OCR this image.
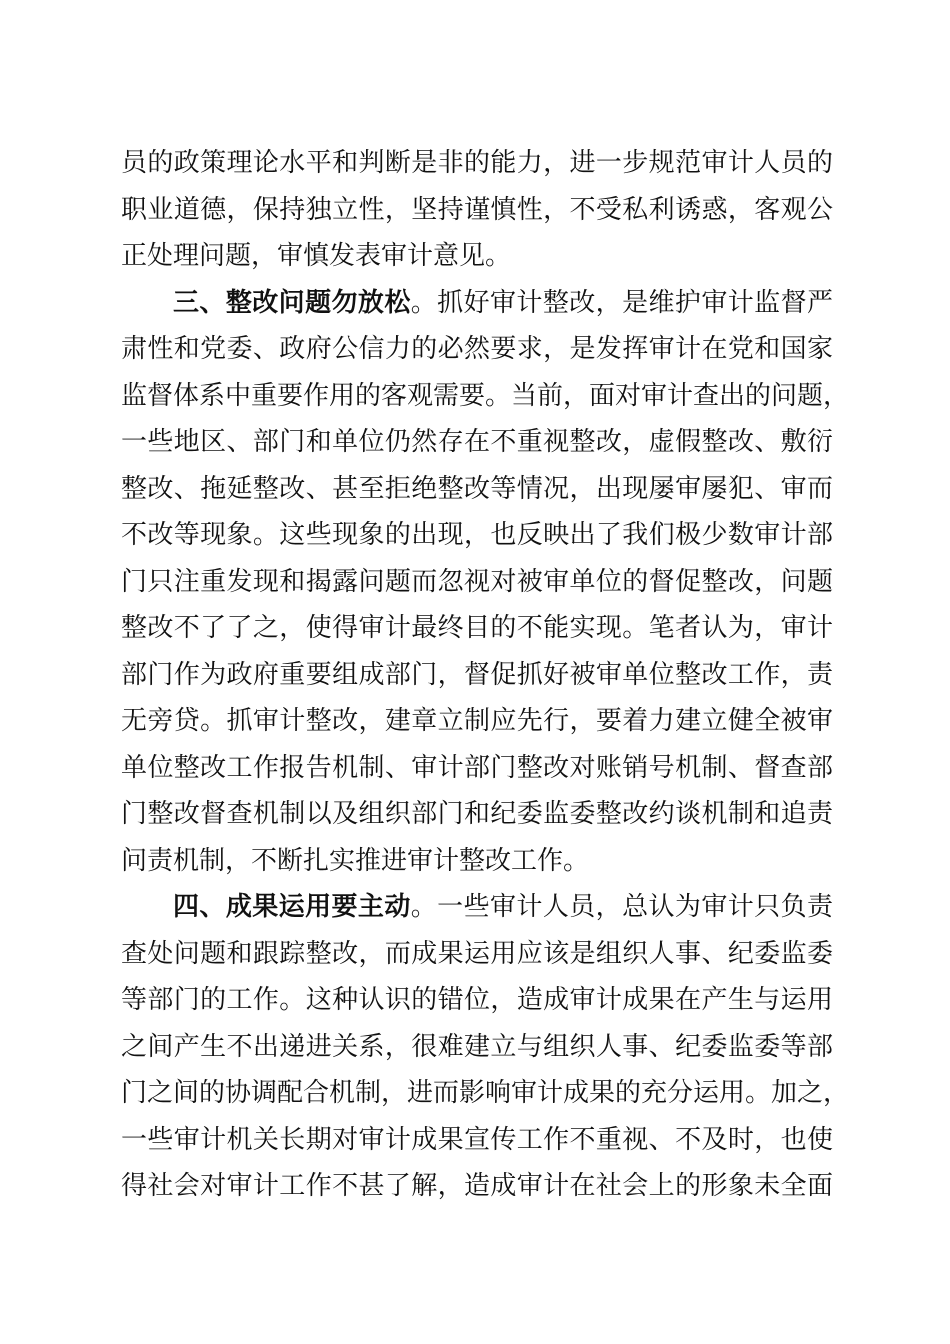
员的政策理论水平和判断是非的能力，进一步规范审计人员的
职业道德，保持独立性，坚持谨慎性，不受私利诱惑，客观公
正处理问题，审慎发表审计意见。
三、整改问题勿放松。抓好审计整改，是维护审计监督严
肃性和党委、政府公信力的必然要求，是发挥审计在党和国家
监督体系中重要作用的客观需要。当前，面对审计查出的问题，
一些地区、部门和单位仍然存在不重视整改，虚假整改、敷衍
整改、拖延整改、甚至拒绝整改等情况，出现屡审屡犯、审而
不改等现象。这些现象的出现，也反映出了我们极少数审计部
门只注重发现和揭露问题而忽视对被审单位的督促整改，问题
整改不了了之，使得审计最终目的不能实现。笔者认为，审计
部门作为政府重要组成部门，督促抓好被审单位整改工作，责
无旁贷。抓审计整改，建章立制应先行，要着力建立健全被审
单位整改工作报告机制、审计部门整改对账销号机制、督查部
门整改督查机制以及组织部门和纪委监委整改约谈机制和追责
问责机制，不断扎实推进审计整改工作。
四、成果运用要主动。一些审计人员，总认为审计只负责
查处问题和跟踪整改，而成果运用应该是组织人事、纪委监委
等部门的工作。这种认识的错位，造成审计成果在产生与运用
之间产生不出递进关系，很难建立与组织人事、纪委监委等部
门之间的协调配合机制，进而影响审计成果的充分运用。加之，
一些审计机关长期对审计成果宣传工作不重视、不及时，也使
得社会对审计工作不甚了解，造成审计在社会上的形象未全面
